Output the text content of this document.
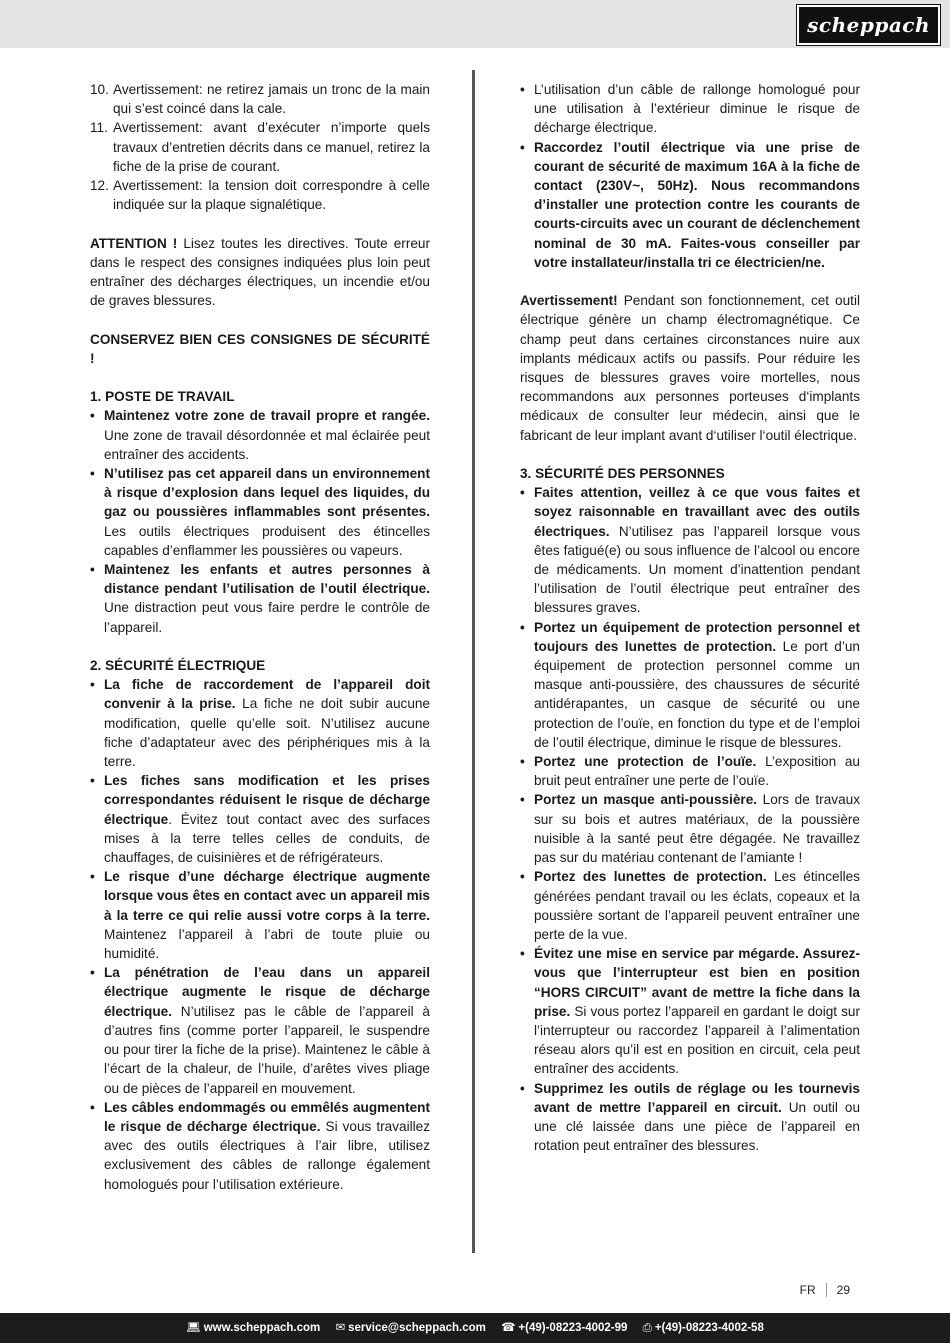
scheppach

10. Avertissement: ne retirez jamais un tronc de la main qui s’est coincé dans la cale.

11. Avertissement: avant d’exécuter n’importe quels travaux d’entretien décrits dans ce manuel, retirez la fiche de la prise de courant.

12. Avertissement: la tension doit correspondre à celle indiquée sur la plaque signalétique.

ATTENTION ! Lisez toutes les directives. Toute erreur dans le respect des consignes indiquées plus loin peut entraîner des décharges électriques, un incendie et/ou de graves blessures.

CONSERVEZ BIEN CES CONSIGNES DE SÉCURITÉ !

1. POSTE DE TRAVAIL

• Maintenez votre zone de travail propre et rangée. Une zone de travail désordonnée et mal éclairée peut entraîner des accidents.

• N’utilisez pas cet appareil dans un environnement à risque d’explosion dans lequel des liquides, du gaz ou poussières inflammables sont présentes. Les outils électriques produisent des étincelles capables d’enflammer les poussières ou vapeurs.

• Maintenez les enfants et autres personnes à distance pendant l’utilisation de l’outil électrique. Une distraction peut vous faire perdre le contrôle de l’appareil.

2. SÉCURITÉ ÉLECTRIQUE

• La fiche de raccordement de l’appareil doit convenir à la prise. La fiche ne doit subir aucune modification, quelle qu’elle soit. N’utilisez aucune fiche d’adaptateur avec des périphériques mis à la terre.

• Les fiches sans modification et les prises correspondantes réduisent le risque de décharge électrique. Évitez tout contact avec des surfaces mises à la terre telles celles de conduits, de chauffages, de cuisinières et de réfrigérateurs.

• Le risque d’une décharge électrique augmente lorsque vous êtes en contact avec un appareil mis à la terre ce qui relie aussi votre corps à la terre. Maintenez l’appareil à l’abri de toute pluie ou humidité.

• La pénétration de l’eau dans un appareil électrique augmente le risque de décharge électrique. N’utilisez pas le câble de l’appareil à d’autres fins (comme porter l’appareil, le suspendre ou pour tirer la fiche de la prise). Maintenez le câble à l’écart de la chaleur, de l’huile, d’arêtes vives pliage ou de pièces de l’appareil en mouvement.

• Les câbles endommagés ou emmêlés augmentent le risque de décharge électrique. Si vous travaillez avec des outils électriques à l’air libre, utilisez exclusivement des câbles de rallonge également homologués pour l’utilisation extérieure.

• L’utilisation d’un câble de rallonge homologué pour une utilisation à l’extérieur diminue le risque de décharge électrique.

• Raccordez l’outil électrique via une prise de courant de sécurité de maximum 16A à la fiche de contact (230V~, 50Hz). Nous recommandons d’installer une protection contre les courants de courts-circuits avec un courant de déclenchement nominal de 30 mA. Faites-vous conseiller par votre installateur/installa tri ce électricien/ne.

Avertissement! Pendant son fonctionnement, cet outil électrique génère un champ électromagnétique. Ce champ peut dans certaines circonstances nuire aux implants médicaux actifs ou passifs. Pour réduire les risques de blessures graves voire mortelles, nous recommandons aux personnes porteuses d‘implants médicaux de consulter leur médecin, ainsi que le fabricant de leur implant avant d‘utiliser l‘outil électrique.

3. SÉCURITÉ DES PERSONNES

• Faites attention, veillez à ce que vous faites et soyez raisonnable en travaillant avec des outils électriques. N’utilisez pas l’appareil lorsque vous êtes fatigué(e) ou sous influence de l’alcool ou encore de médicaments. Un moment d’inattention pendant l’utilisation de l’outil électrique peut entraîner des blessures graves.

• Portez un équipement de protection personnel et toujours des lunettes de protection. Le port d’un équipement de protection personnel comme un masque anti-poussière, des chaussures de sécurité antidérapantes, un casque de sécurité ou une protection de l’ouïe, en fonction du type et de l’emploi de l’outil électrique, diminue le risque de blessures.

• Portez une protection de l’ouïe. L’exposition au bruit peut entraîner une perte de l’ouïe.

• Portez un masque anti-poussière. Lors de travaux sur su bois et autres matériaux, de la poussière nuisible à la santé peut être dégagée. Ne travaillez pas sur du matériau contenant de l’amiante !

• Portez des lunettes de protection. Les étincelles générées pendant travail ou les éclats, copeaux et la poussière sortant de l’appareil peuvent entraîner une perte de la vue.

• Évitez une mise en service par mégarde. Assurez-vous que l’interrupteur est bien en position “HORS CIRCUIT” avant de mettre la fiche dans la prise. Si vous portez l’appareil en gardant le doigt sur l’interrupteur ou raccordez l’appareil à l’alimentation réseau alors qu’il est en position en circuit, cela peut entraîner des accidents.

• Supprimez les outils de réglage ou les tournevis avant de mettre l’appareil en circuit. Un outil ou une clé laissée dans une pièce de l’appareil en rotation peut entraîner des blessures.

FR 29
💻︎ www.scheppach.com ✉︎ service@scheppach.com ☎ +(49)-08223-4002-99 ⎙ +(49)-08223-4002-58
